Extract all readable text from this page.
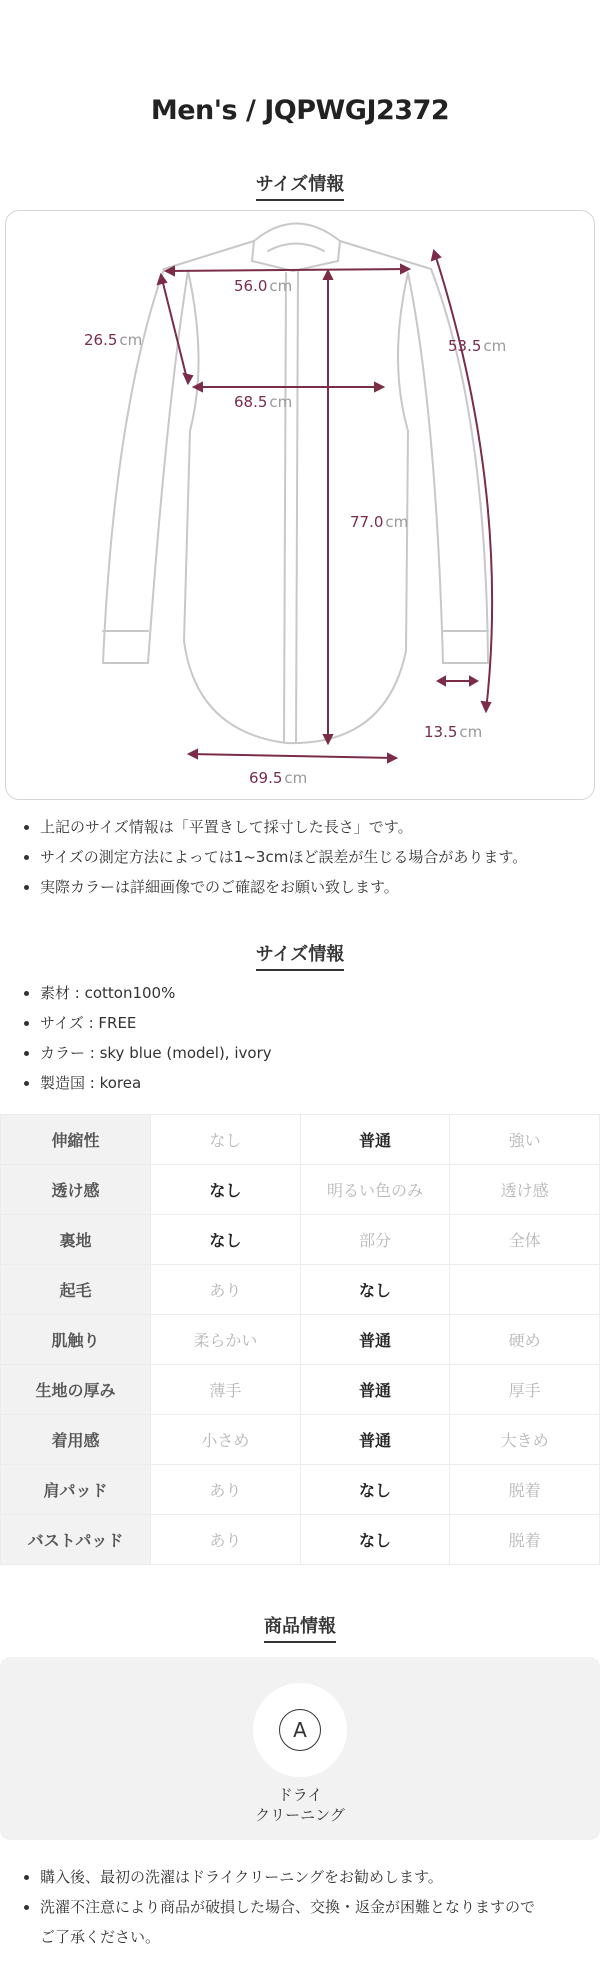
Men's / JQPWGJ2372
サイズ情報
56.0 cm
26.5 cm	53.5 cm
68.5 cm
77.0 cm
13.5 cm
69.5 cm
上記のサイズ情報は「平置きして採寸した長さ」です。
サイズの測定方法によっては1~3cmほど誤差が生じる場合があります。
実際カラーは詳細画像でのご確認をお願い致します。
サイズ情報
素材 : cotton100%
サイズ : FREE
カラー : sky blue (model), ivory
製造国 : korea
伸縮性	なし	普通	強い
透け感	なし	明るい色のみ	透け感
裏地	なし	部分	全体
起毛	あり	なし	
肌触り	柔らかい	普通	硬め
生地の厚み	薄手	普通	厚手
着用感	小さめ	普通	大きめ
肩パッド	あり	なし	脱着
バストパッド	あり	なし	脱着
商品情報
A
ドライ
クリーニング
購入後、最初の洗濯はドライクリーニングをお勧めします。
洗濯不注意により商品が破損した場合、交換・返金が困難となりますので
ご了承ください。
